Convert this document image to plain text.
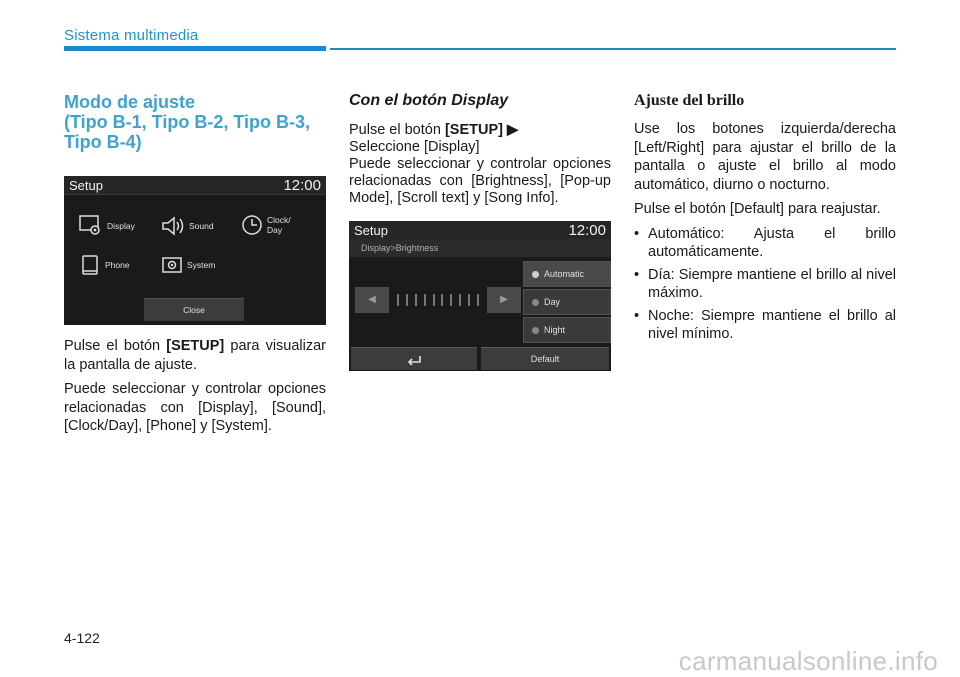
Sistema multimedia

Modo de ajuste
(Tipo B-1, Tipo B-2, Tipo B-3,
Tipo B-4)

Setup	12:00
Display	Sound
Clock/
Day
Phone	System
Close

Pulse el botón [SETUP] para visualizar la pantalla de ajuste.

Puede seleccionar y controlar opciones relacionadas con [Display], [Sound], [Clock/Day], [Phone] y [System].

Con el botón Display

Pulse el botón [SETUP] ▶
Seleccione [Display]
Puede seleccionar y controlar opciones relacionadas con [Brightness], [Pop-up Mode], [Scroll text] y [Song Info].

Setup	12:00
Display>Brightness
◀	▶
Automatic
Day
Night
Default

Ajuste del brillo

Use los botones izquierda/derecha [Left/Right] para ajustar el brillo de la pantalla o ajuste el brillo al modo automático, diurno o nocturno.

Pulse el botón [Default] para reajustar.

• Automático: Ajusta el brillo automáticamente.
• Día: Siempre mantiene el brillo al nivel máximo.
• Noche: Siempre mantiene el brillo al nivel mínimo.
4-122
carmanualsonline.info
